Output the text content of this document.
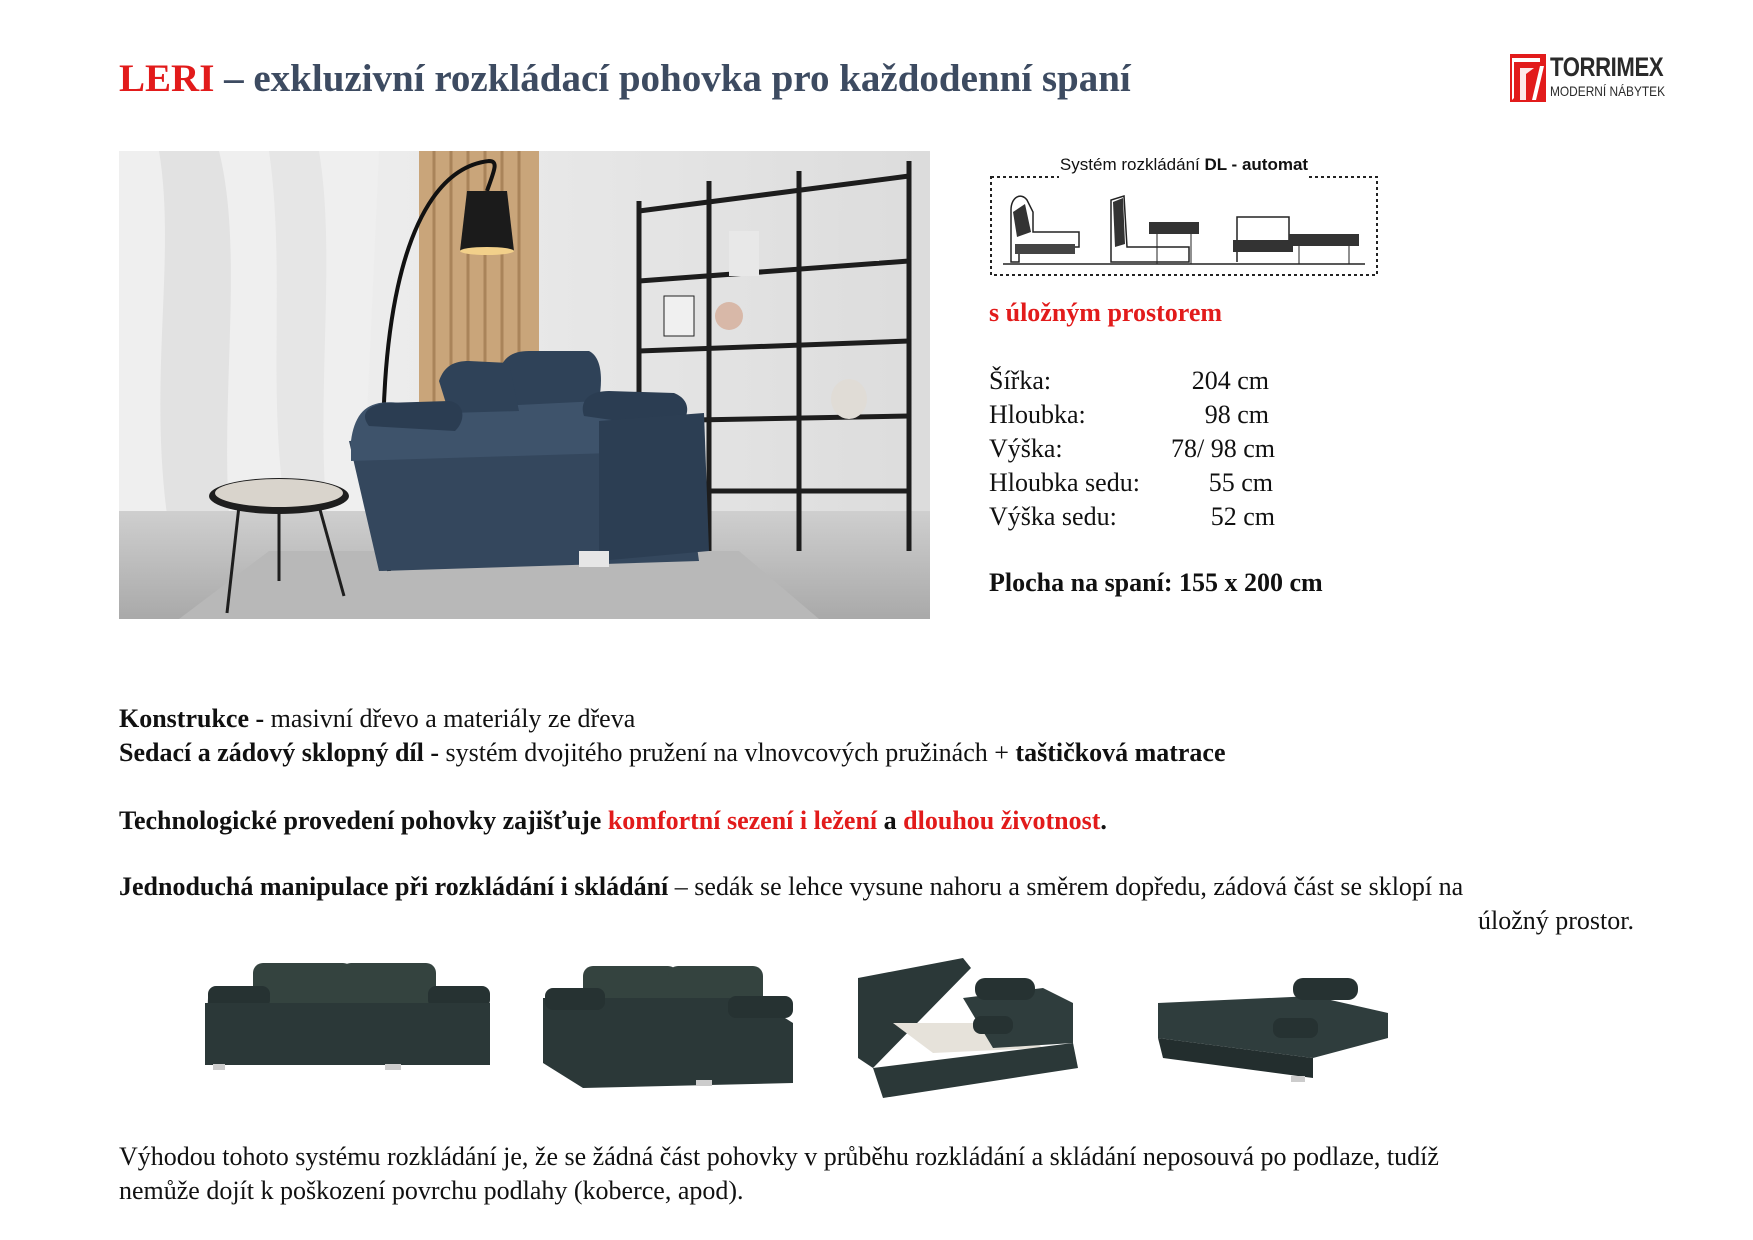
LERI – exkluzivní rozkládací pohovka pro každodenní spaní	TORRIMEX
MODERNÍ NÁBYTEK
Systém rozkládání DL - automat
s úložným prostorem
Šířka:	204 cm
Hloubka:	98 cm
Výška:	78/ 98 cm
Hloubka sedu:	55 cm
Výška sedu:	52 cm
Plocha na spaní: 155 x 200 cm
Konstrukce - masivní dřevo a materiály ze dřeva
Sedací a zádový sklopný díl - systém dvojitého pružení na vlnovcových pružinách + taštičková matrace
Technologické provedení pohovky zajišťuje komfortní sezení i ležení a dlouhou životnost.
Jednoduchá manipulace při rozkládání i skládání – sedák se lehce vysune nahoru a směrem dopředu, zádová část se sklopí na
úložný prostor.
Výhodou tohoto systému rozkládání je, že se žádná část pohovky v průběhu rozkládání a skládání neposouvá po podlaze, tudíž
nemůže dojít k poškození povrchu podlahy (koberce, apod).
